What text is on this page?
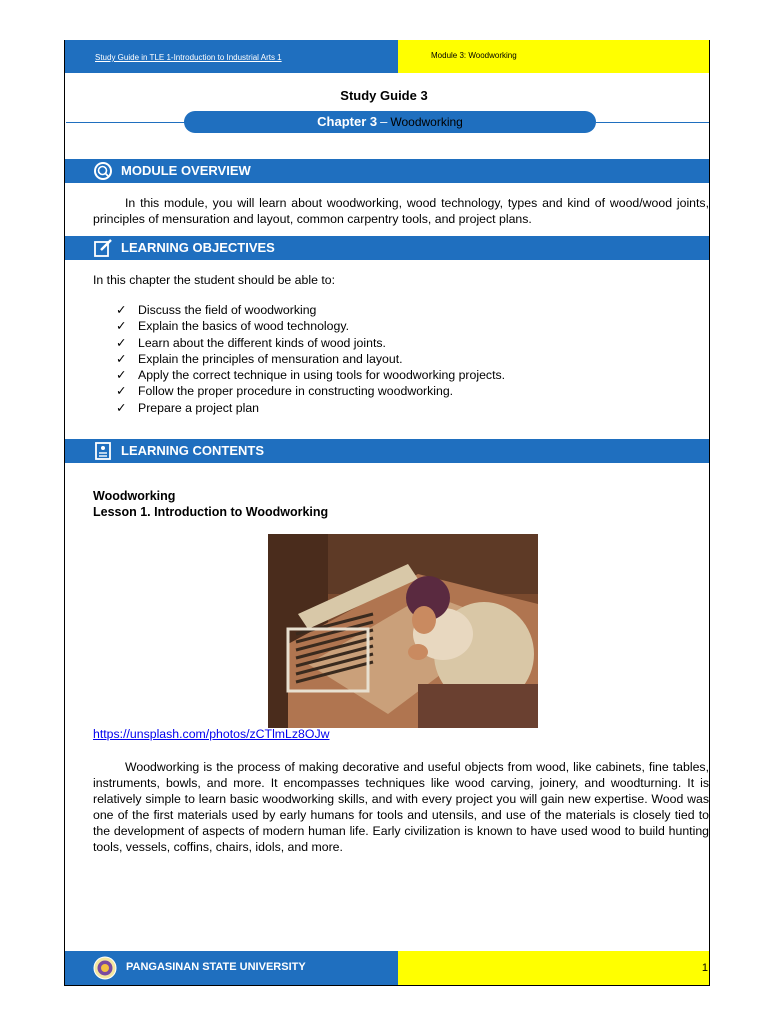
Study Guide in TLE 1-Introduction to Industrial Arts 1	Module 3: Woodworking
Study Guide 3
Chapter 3 – Woodworking
MODULE OVERVIEW
In this module, you will learn about woodworking, wood technology, types and kind of wood/wood joints, principles of mensuration and layout, common carpentry tools, and project plans.
LEARNING OBJECTIVES
In this chapter the student should be able to:
✓ Discuss the field of woodworking
✓ Explain the basics of wood technology.
✓ Learn about the different kinds of wood joints.
✓ Explain the principles of mensuration and layout.
✓ Apply the correct technique in using tools for woodworking projects.
✓ Follow the proper procedure in constructing woodworking.
✓ Prepare a project plan
LEARNING CONTENTS
Woodworking
Lesson 1. Introduction to Woodworking
https://unsplash.com/photos/zCTlmLz8OJw
Woodworking is the process of making decorative and useful objects from wood, like cabinets, fine tables, instruments, bowls, and more. It encompasses techniques like wood carving, joinery, and woodturning. It is relatively simple to learn basic woodworking skills, and with every project you will gain new expertise. Wood was one of the first materials used by early humans for tools and utensils, and use of the materials is closely tied to the development of aspects of modern human life. Early civilization is known to have used wood to build hunting tools, vessels, coffins, chairs, idols, and more.
PANGASINAN STATE UNIVERSITY	1
